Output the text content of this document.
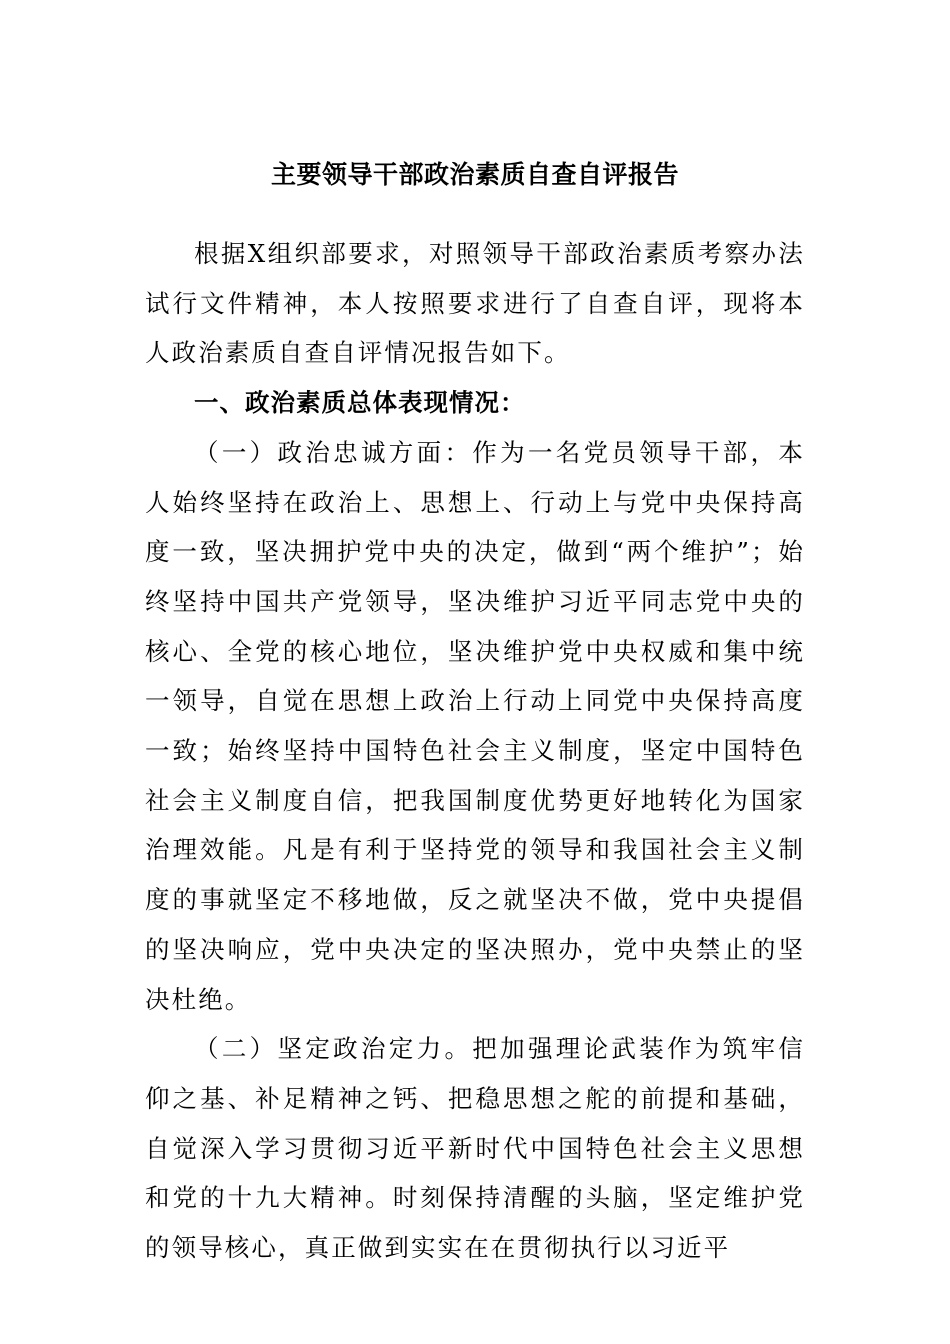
主要领导干部政治素质自查自评报告

根据X组织部要求，对照领导干部政治素质考察办法试行文件精神，本人按照要求进行了自查自评，现将本人政治素质自查自评情况报告如下。

一、政治素质总体表现情况：

（一）政治忠诚方面：作为一名党员领导干部，本人始终坚持在政治上、思想上、行动上与党中央保持高度一致，坚决拥护党中央的决定，做到“两个维护”；始终坚持中国共产党领导，坚决维护习近平同志党中央的核心、全党的核心地位，坚决维护党中央权威和集中统一领导，自觉在思想上政治上行动上同党中央保持高度一致；始终坚持中国特色社会主义制度，坚定中国特色社会主义制度自信，把我国制度优势更好地转化为国家治理效能。凡是有利于坚持党的领导和我国社会主义制度的事就坚定不移地做，反之就坚决不做，党中央提倡的坚决响应，党中央决定的坚决照办，党中央禁止的坚决杜绝。

（二）坚定政治定力。把加强理论武装作为筑牢信仰之基、补足精神之钙、把稳思想之舵的前提和基础，自觉深入学习贯彻习近平新时代中国特色社会主义思想和党的十九大精神。时刻保持清醒的头脑，坚定维护党的领导核心，真正做到实实在在贯彻执行以习近平
